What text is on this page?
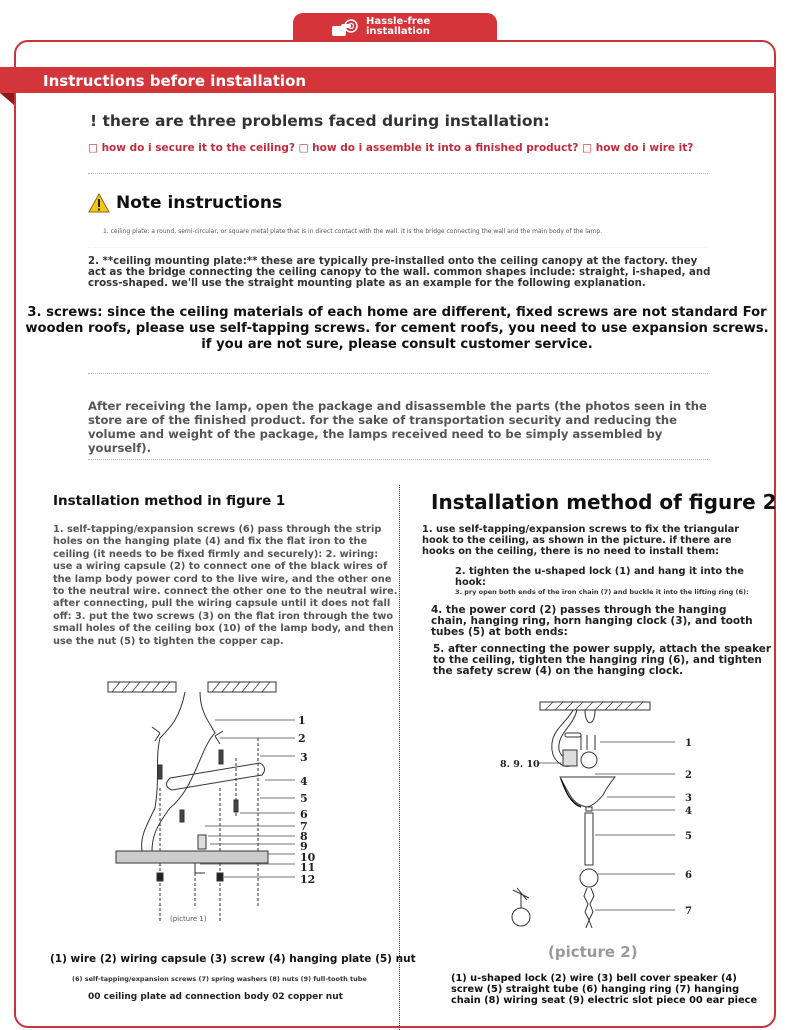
Hassle-free
installation
Instructions before installation
! there are three problems faced during installation:
□ how do i secure it to the ceiling? □ how do i assemble it into a finished product? □ how do i wire it?
Note instructions
1. ceiling plate: a round, semi-circular, or square metal plate that is in direct contact with the wall. it is the bridge connecting the wall and the main body of the lamp.
2. **ceiling mounting plate:** these are typically pre-installed onto the ceiling canopy at the factory. they act as the bridge connecting the ceiling canopy to the wall. common shapes include: straight, i-shaped, and cross-shaped. we'll use the straight mounting plate as an example for the following explanation.
3. screws: since the ceiling materials of each home are different, fixed screws are not standard For wooden roofs, please use self-tapping screws. for cement roofs, you need to use expansion screws. if you are not sure, please consult customer service.
After receiving the lamp, open the package and disassemble the parts (the photos seen in the store are of the finished product. for the sake of transportation security and reducing the volume and weight of the package, the lamps received need to be simply assembled by yourself).
Installation method in figure 1
1. self-tapping/expansion screws (6) pass through the strip holes on the hanging plate (4) and fix the flat iron to the ceiling (it needs to be fixed firmly and securely): 2. wiring: use a wiring capsule (2) to connect one of the black wires of the lamp body power cord to the live wire, and the other one to the neutral wire. connect the other one to the neutral wire. after connecting, pull the wiring capsule until it does not fall off: 3. put the two screws (3) on the flat iron through the two small holes of the ceiling box (10) of the lamp body, and then use the nut (5) to tighten the copper cap.
1
2
3
4
5
6
7
8
9
10
11
12
(picture 1)
(1) wire (2) wiring capsule (3) screw (4) hanging plate (5) nut
(6) self-tapping/expansion screws (7) spring washers (8) nuts (9) full-tooth tube
00 ceiling plate ad connection body 02 copper nut
Installation method of figure 2
1. use self-tapping/expansion screws to fix the triangular hook to the ceiling, as shown in the picture. if there are hooks on the ceiling, there is no need to install them:
2. tighten the u-shaped lock (1) and hang it into the hook:
3. pry open both ends of the iron chain (7) and buckle it into the lifting ring (6):
4. the power cord (2) passes through the hanging chain, hanging ring, horn hanging clock (3), and tooth tubes (5) at both ends:
5. after connecting the power supply, attach the speaker to the ceiling, tighten the hanging ring (6), and tighten the safety screw (4) on the hanging clock.
1
2
3
4
5
6
7
8. 9. 10
(picture 2)
(1) u-shaped lock (2) wire (3) bell cover speaker (4) screw (5) straight tube (6) hanging ring (7) hanging chain (8) wiring seat (9) electric slot piece 00 ear piece
